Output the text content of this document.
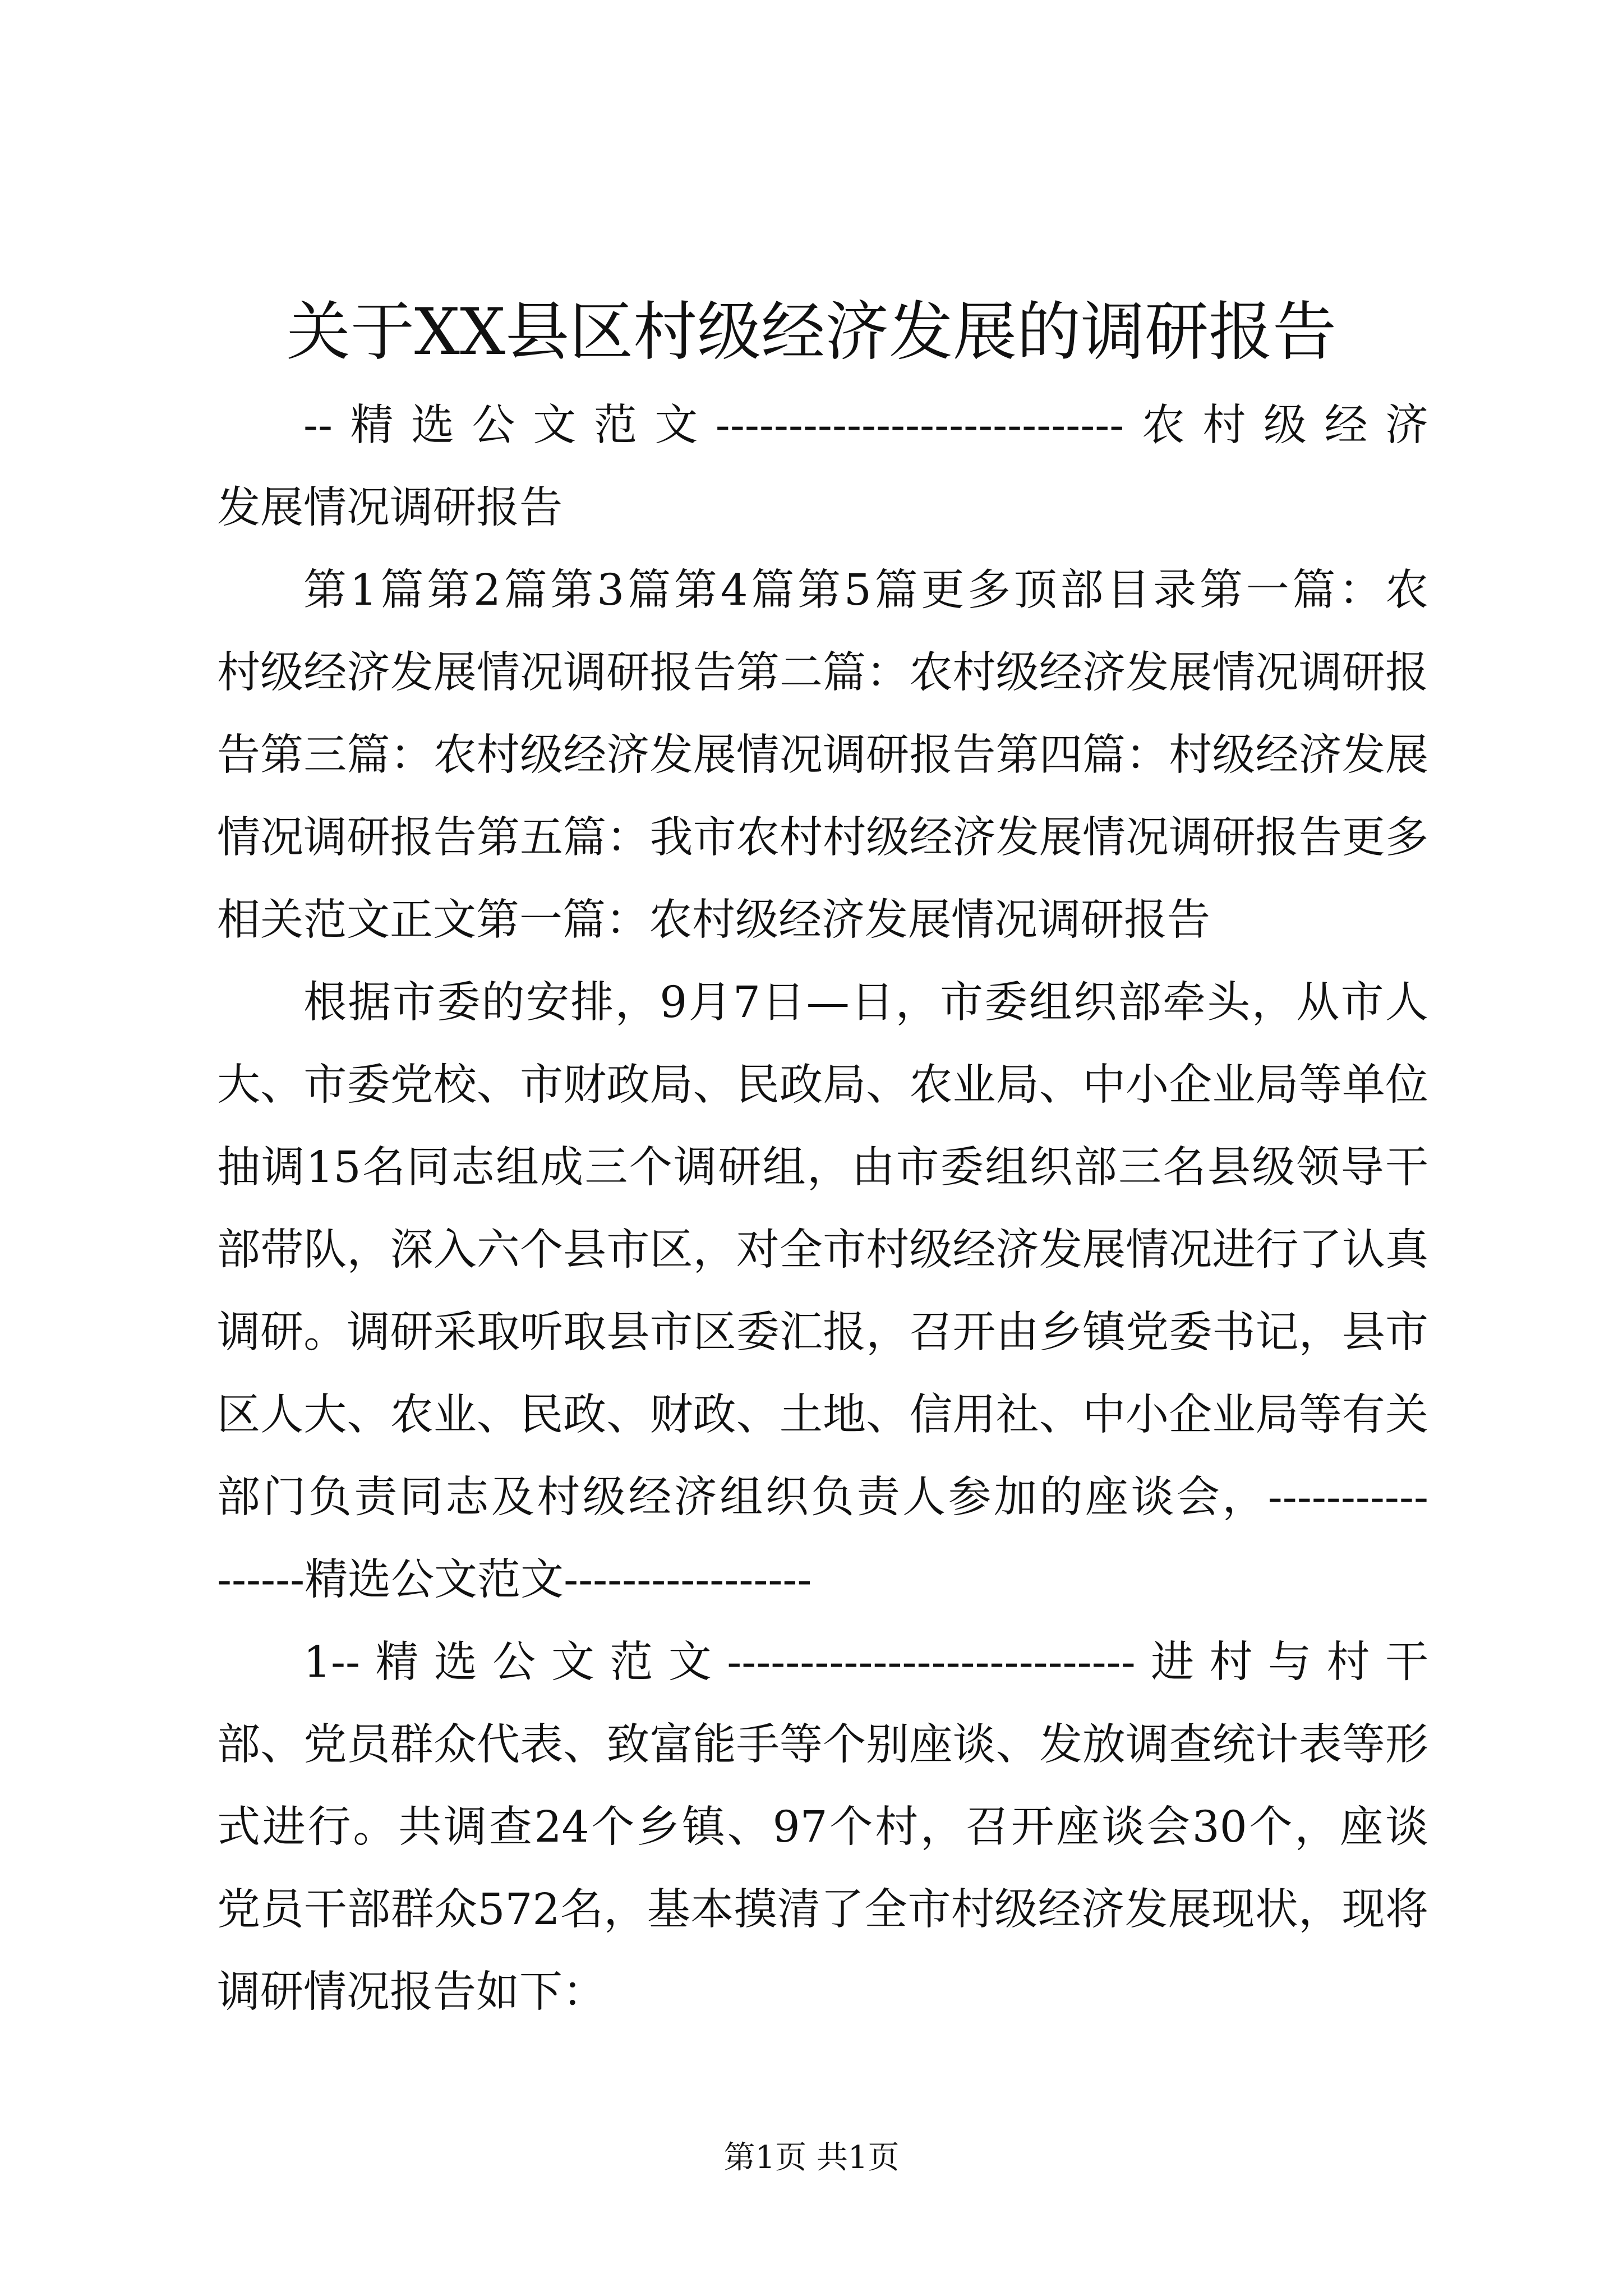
关于XX县区村级经济发展的调研报告
--精选公文范文----------------------------农村级经济
发展情况调研报告
第1篇第2篇第3篇第4篇第5篇更多顶部目录第一篇：农
村级经济发展情况调研报告第二篇：农村级经济发展情况调研报
告第三篇：农村级经济发展情况调研报告第四篇：村级经济发展
情况调研报告第五篇：我市农村村级经济发展情况调研报告更多
相关范文正文第一篇：农村级经济发展情况调研报告
根据市委的安排，9月7日—日，市委组织部牵头，从市人
大、市委党校、市财政局、民政局、农业局、中小企业局等单位
抽调15名同志组成三个调研组，由市委组织部三名县级领导干
部带队，深入六个县市区，对全市村级经济发展情况进行了认真
调研。调研采取听取县市区委汇报，召开由乡镇党委书记，县市
区人大、农业、民政、财政、土地、信用社、中小企业局等有关
部门负责同志及村级经济组织负责人参加的座谈会，-----------
------精选公文范文-----------------
1--精选公文范文----------------------------进村与村干
部、党员群众代表、致富能手等个别座谈、发放调查统计表等形
式进行。共调查24个乡镇、97个村，召开座谈会30个，座谈
党员干部群众572名，基本摸清了全市村级经济发展现状，现将
调研情况报告如下：
第1页 共1页
